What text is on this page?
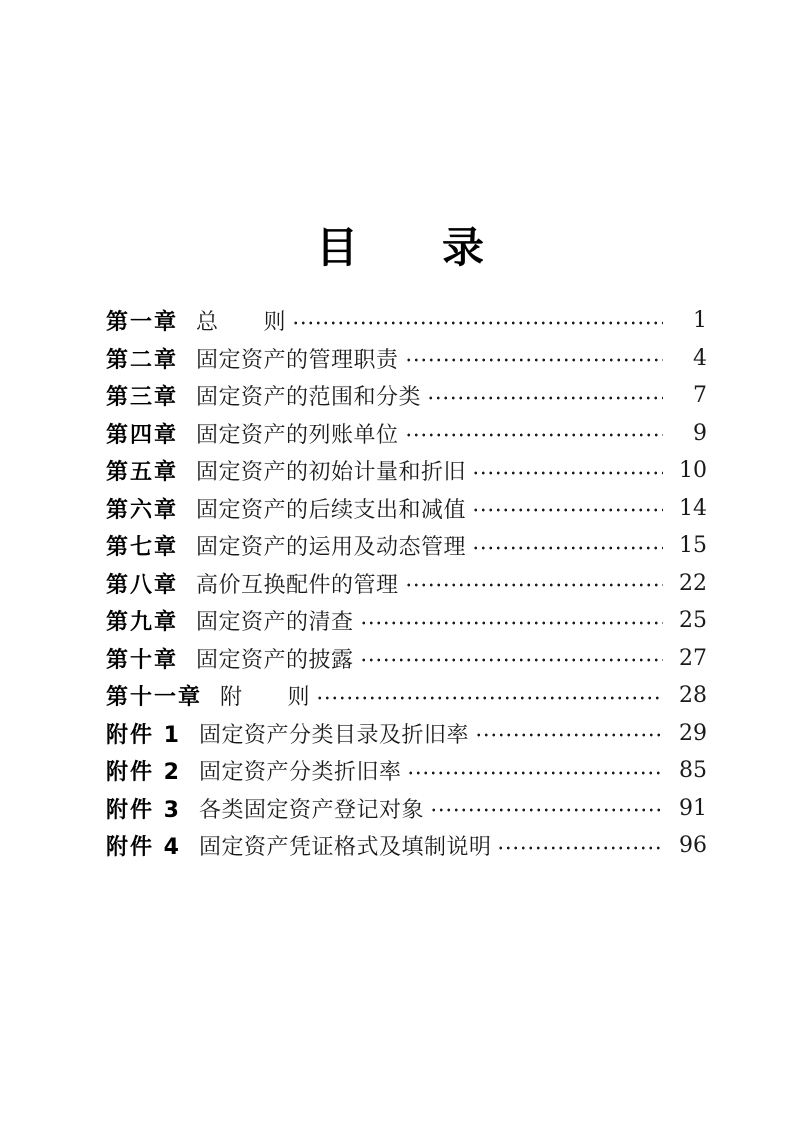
目　　录
第一章 总　　则	1
第二章 固定资产的管理职责	4
第三章 固定资产的范围和分类	7
第四章 固定资产的列账单位	9
第五章 固定资产的初始计量和折旧	10
第六章 固定资产的后续支出和减值	14
第七章 固定资产的运用及动态管理	15
第八章 高价互换配件的管理	22
第九章 固定资产的清查	25
第十章 固定资产的披露	27
第十一章 附　　则	28
附件 1 固定资产分类目录及折旧率	29
附件 2 固定资产分类折旧率	85
附件 3 各类固定资产登记对象	91
附件 4 固定资产凭证格式及填制说明	96
